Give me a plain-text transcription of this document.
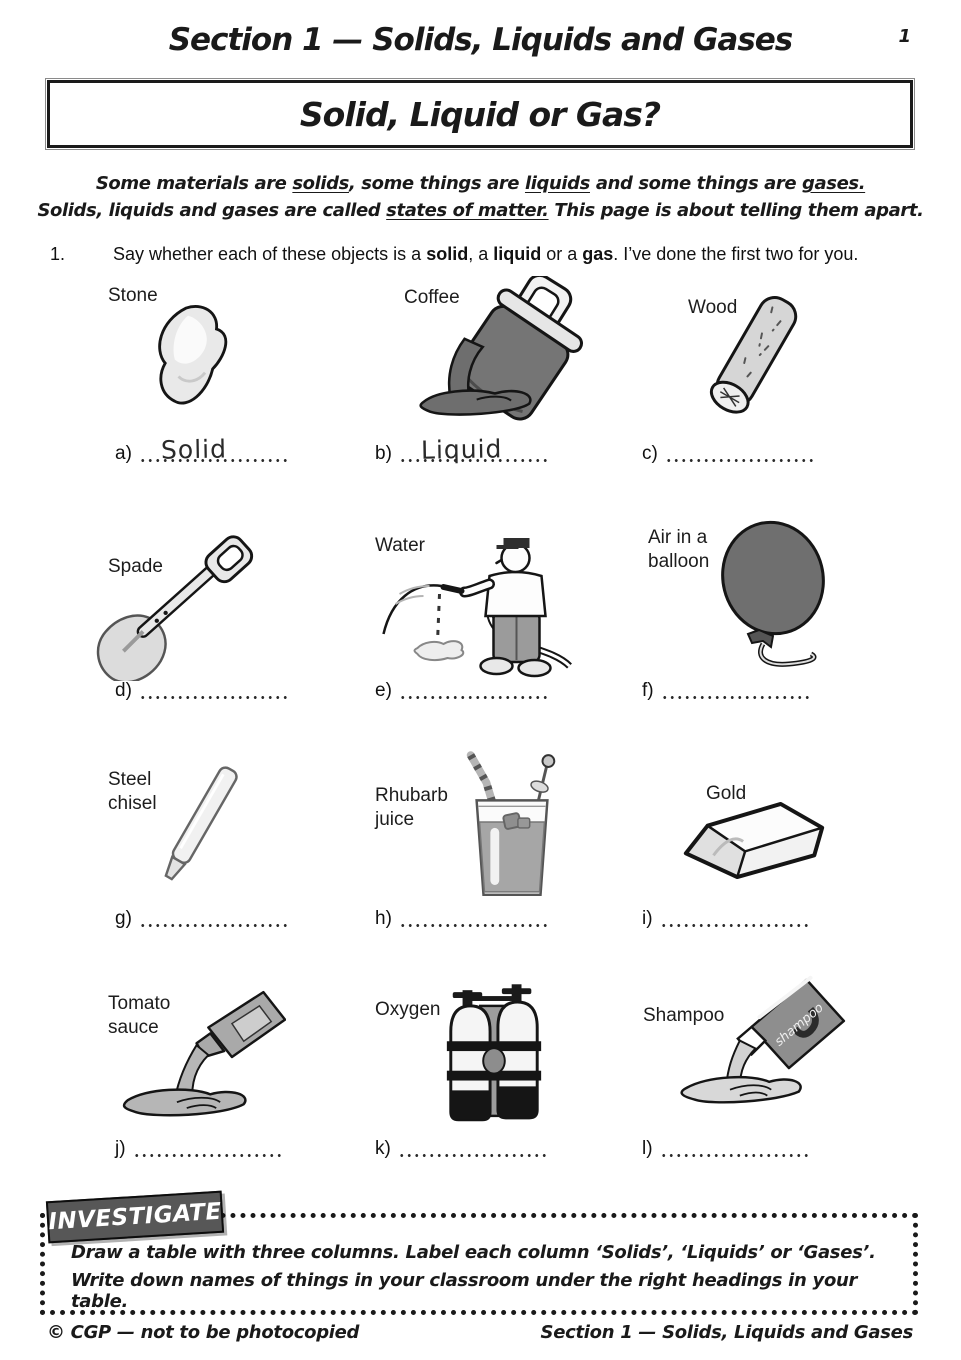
Section 1 — Solids, Liquids and Gases	1
Solid, Liquid or Gas?
Some materials are solids, some things are liquids and some things are gases.
Solids, liquids and gases are called states of matter. This page is about telling them apart.
1.	Say whether each of these objects is a solid, a liquid or a gas. I’ve done the first two for you.
Stone	Coffee	Wood
a) Solid	b) Liquid	c)
Spade
Water	Air in a balloon
d)	e)	f)
Steel chisel	Rhubarb juice
Gold
g)	h)	i)
Tomato sauce
Oxygen	Shampoo	shampoo
j)	k)	l)
Draw a table with three columns. Label each column ‘Solids’, ‘Liquids’ or ‘Gases’.
Write down names of things in your classroom under the right headings in your table.
INVESTIGATE
© CGP — not to be photocopied	Section 1 — Solids, Liquids and Gases
